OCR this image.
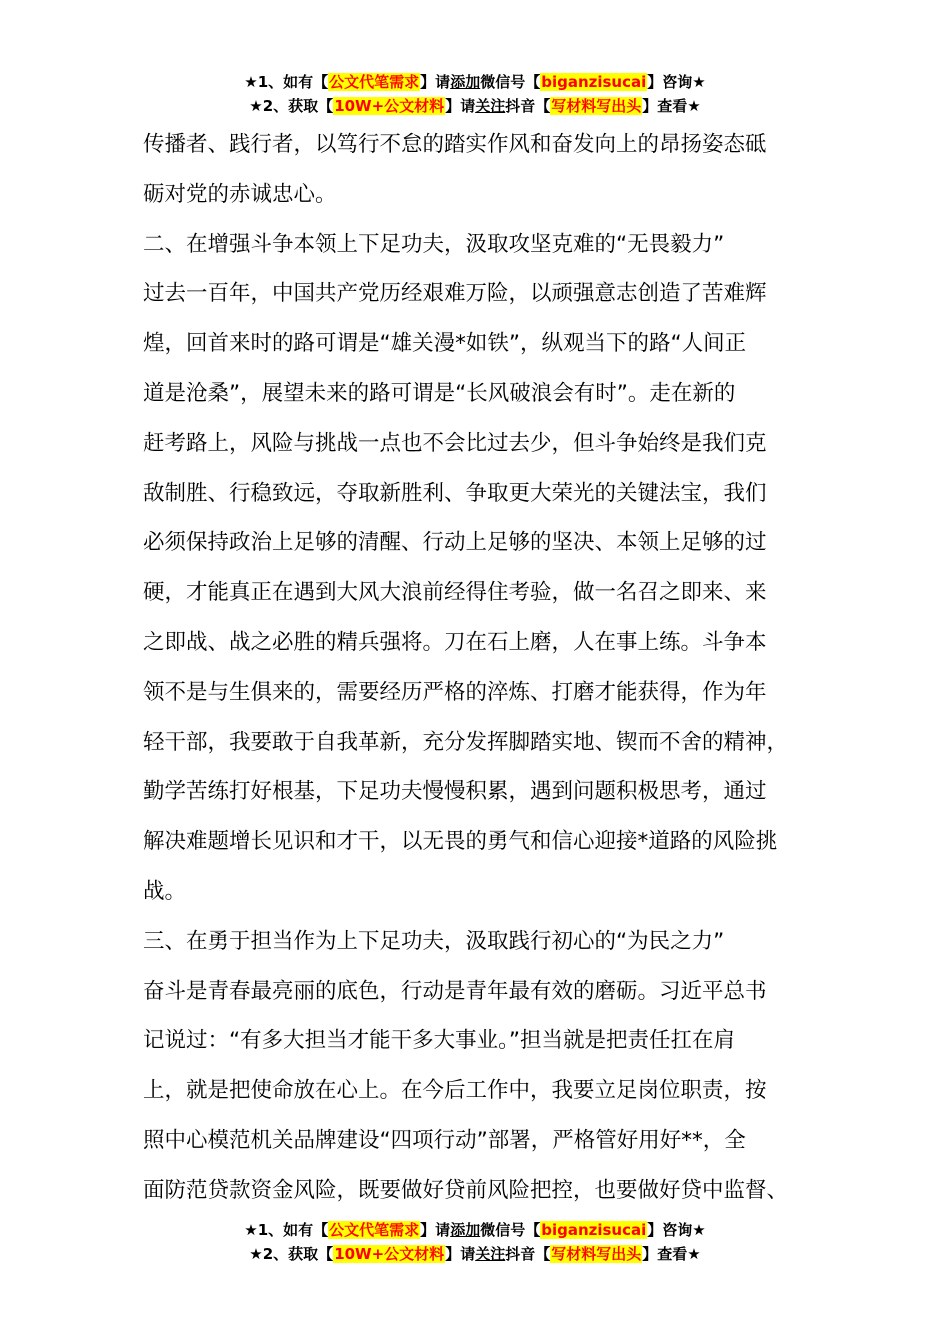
★1、如有【公文代笔需求】请添加微信号【biganzisucai】咨询★
★2、获取【10W+公文材料】请关注抖音【写材料写出头】查看★
传播者、践行者，以笃行不怠的踏实作风和奋发向上的昂扬姿态砥
砺对党的赤诚忠心。
二、在增强斗争本领上下足功夫，汲取攻坚克难的“无畏毅力”
过去一百年，中国共产党历经艰难万险，以顽强意志创造了苦难辉
煌，回首来时的路可谓是“雄关漫*如铁”，纵观当下的路“人间正
道是沧桑”，展望未来的路可谓是“长风破浪会有时”。走在新的
赶考路上，风险与挑战一点也不会比过去少，但斗争始终是我们克
敌制胜、行稳致远，夺取新胜利、争取更大荣光的关键法宝，我们
必须保持政治上足够的清醒、行动上足够的坚决、本领上足够的过
硬，才能真正在遇到大风大浪前经得住考验，做一名召之即来、来
之即战、战之必胜的精兵强将。刀在石上磨，人在事上练。斗争本
领不是与生俱来的，需要经历严格的淬炼、打磨才能获得，作为年
轻干部，我要敢于自我革新，充分发挥脚踏实地、锲而不舍的精神，
勤学苦练打好根基，下足功夫慢慢积累，遇到问题积极思考，通过
解决难题增长见识和才干，以无畏的勇气和信心迎接*道路的风险挑
战。
三、在勇于担当作为上下足功夫，汲取践行初心的“为民之力”
奋斗是青春最亮丽的底色，行动是青年最有效的磨砺。习近平总书
记说过：“有多大担当才能干多大事业。”担当就是把责任扛在肩
上，就是把使命放在心上。在今后工作中，我要立足岗位职责，按
照中心模范机关品牌建设“四项行动”部署，严格管好用好**，全
面防范贷款资金风险，既要做好贷前风险把控，也要做好贷中监督、
★1、如有【公文代笔需求】请添加微信号【biganzisucai】咨询★
★2、获取【10W+公文材料】请关注抖音【写材料写出头】查看★
